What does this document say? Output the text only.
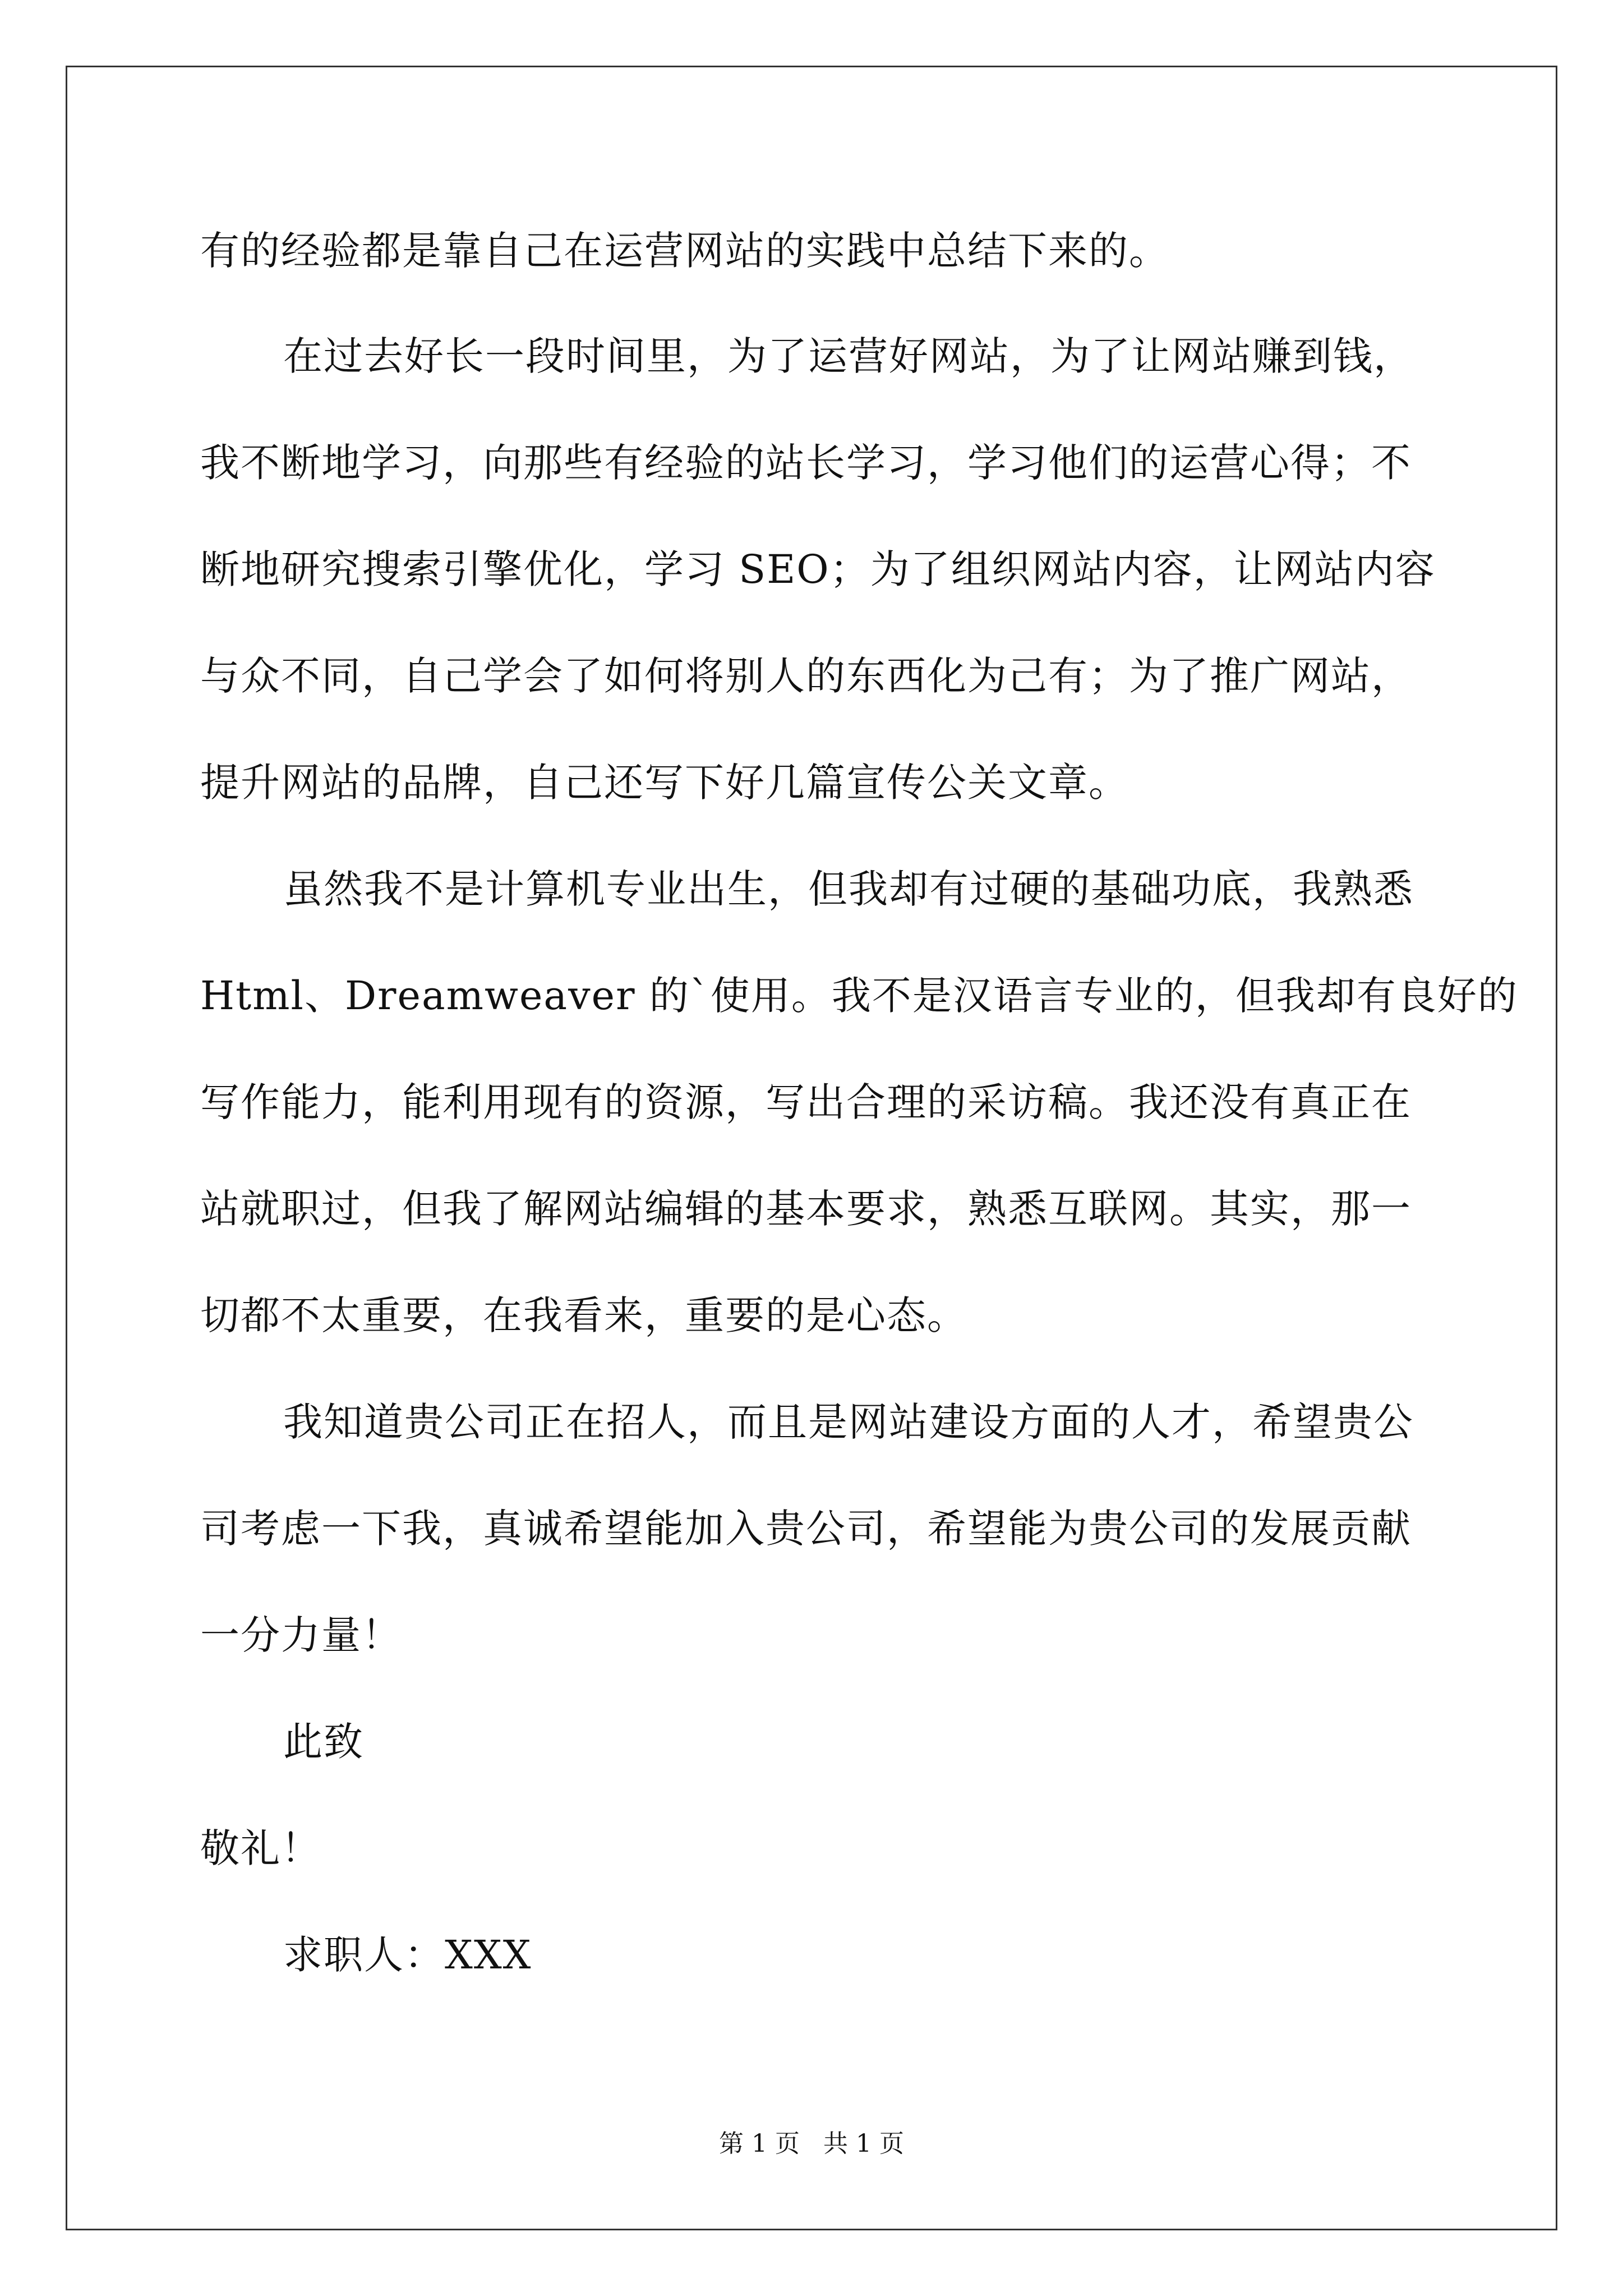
有的经验都是靠自己在运营网站的实践中总结下来的。
在过去好长一段时间里，为了运营好网站，为了让网站赚到钱，
我不断地学习，向那些有经验的站长学习，学习他们的运营心得；不
断地研究搜索引擎优化，学习 SEO；为了组织网站内容，让网站内容
与众不同，自己学会了如何将别人的东西化为己有；为了推广网站，
提升网站的品牌，自己还写下好几篇宣传公关文章。
虽然我不是计算机专业出生，但我却有过硬的基础功底，我熟悉
Html、Dreamweaver 的`使用。我不是汉语言专业的，但我却有良好的
写作能力，能利用现有的资源，写出合理的采访稿。我还没有真正在
站就职过，但我了解网站编辑的基本要求，熟悉互联网。其实，那一
切都不太重要，在我看来，重要的是心态。
我知道贵公司正在招人，而且是网站建设方面的人才，希望贵公
司考虑一下我，真诚希望能加入贵公司，希望能为贵公司的发展贡献
一分力量！
此致
敬礼！
求职人：XXX
第 1 页   共 1 页
